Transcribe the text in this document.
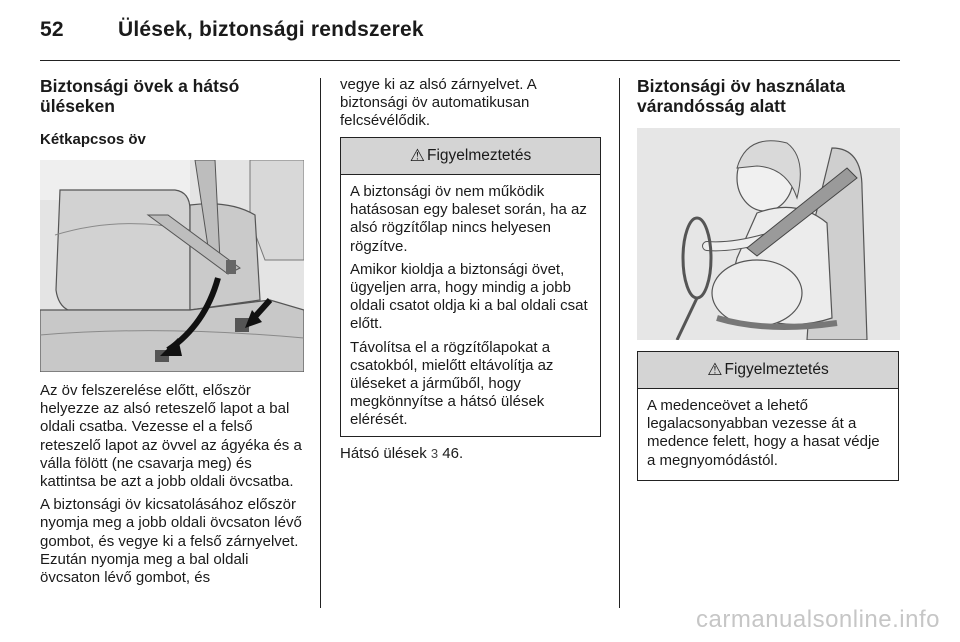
52	Ülések, biztonsági rendszerek
Biztonsági övek a hátsó üléseken
Kétkapcsos öv

Az öv felszerelése előtt, először helyezze az alsó reteszelő lapot a bal oldali csatba. Vezesse el a felső reteszelő lapot az övvel az ágyéka és a válla fölött (ne csavarja meg) és kattintsa be azt a jobb oldali övcsatba.

A biztonsági öv kicsatolásához először nyomja meg a jobb oldali övcsaton lévő gombot, és vegye ki a felső zárnyelvet. Ezután nyomja meg a bal oldali övcsaton lévő gombot, és

vegye ki az alsó zárnyelvet. A biztonsági öv automatikusan felcsévélődik.

⚠ Figyelmeztetés

A biztonsági öv nem működik hatásosan egy baleset során, ha az alsó rögzítőlap nincs helyesen rögzítve.

Amikor kioldja a biztonsági övet, ügyeljen arra, hogy mindig a jobb oldali csatot oldja ki a bal oldali csat előtt.

Távolítsa el a rögzítőlapokat a csatokból, mielőtt eltávolítja az üléseket a járműből, hogy megkönnyítse a hátsó ülések elérését.

Hátsó ülések 3 46.

Biztonsági öv használata várandósság alatt
⚠ Figyelmeztetés

A medenceövet a lehető legalacsonyabban vezesse át a medence felett, hogy a hasat védje a megnyomódástól.

carmanualsonline.info
